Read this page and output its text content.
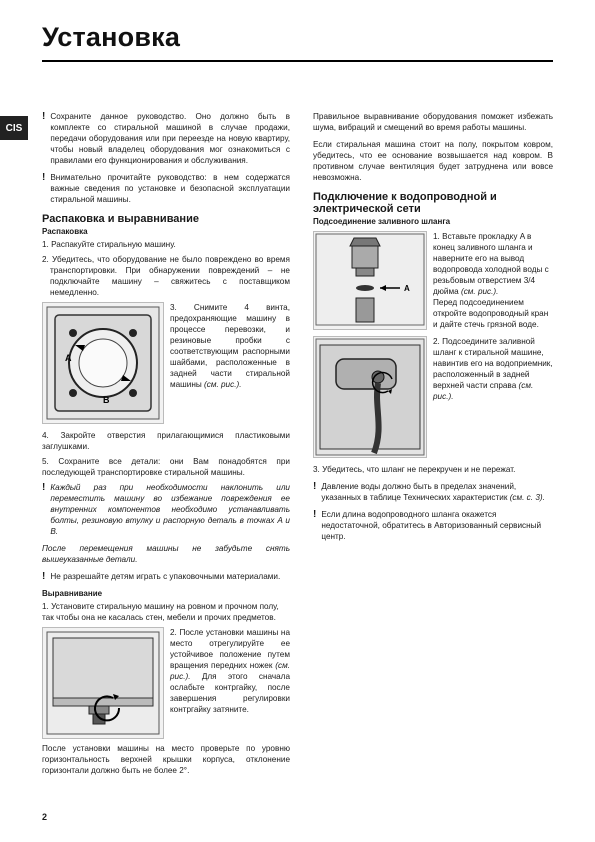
Установка
CIS
! Сохраните данное руководство. Оно должно быть в комплекте со стиральной машиной в случае продажи, передачи оборудования или при переезде на новую квартиру, чтобы новый владелец оборудования мог ознакомиться с правилами его функционирования и обслуживания.
! Внимательно прочитайте руководство: в нем содержатся важные сведения по установке и безопасной эксплуатации стиральной машины.
Распаковка и выравнивание
Распаковка

1. Распакуйте стиральную машину.

2. Убедитесь, что оборудование не было повреждено во время транспортировки. При обнаружении повреждений – не подключайте машину – свяжитесь с поставщиком немедленно.

A
B
3. Снимите 4 винта, предохраняющие машину в процессе перевозки, и резиновые пробки с соответствующим распорными шайбами, расположенные в задней части стиральной машины (см. рис.).

4. Закройте отверстия прилагающимися пластиковыми заглушками.

5. Сохраните все детали: они Вам понадобятся при последующей транспортировке стиральной машины.

! Каждый раз при необходимости наклонить или переместить машину во избежание повреждения ее внутренних компонентов необходимо устанавливать болты, резиновую втулку и распорную деталь в точках A и B.

После перемещения машины не забудьте снять вышеуказанные детали.

! Не разрешайте детям играть с упаковочными материалами.
Выравнивание

1. Установите стиральную машину на ровном и прочном полу, так чтобы она не касалась стен, мебели и прочих предметов.

2. После установки машины на место отрегулируйте ее устойчивое положение путем вращения передних ножек (см. рис.). Для этого сначала ослабьте контргайку, после завершения регулировки контргайку затяните.

После установки машины на место проверьте по уровню горизонтальность верхней крышки корпуса, отклонение горизонтали должно быть не более 2°.

Правильное выравнивание оборудования поможет избежать шума, вибраций и смещений во время работы машины.

Если стиральная машина стоит на полу, покрытом ковром, убедитесь, что ее основание возвышается над ковром. В противном случае вентиляция будет затруднена или вовсе невозможна.

Подключение к водопроводной и электрической сети
Подсоединение заливного шланга
A
1. Вставьте прокладку A в конец заливного шланга и наверните его на вывод водопровода холодной воды с резьбовым отверстием 3/4 дюйма (см. рис.).
Перед подсоединением откройте водопроводный кран и дайте стечь грязной воде.
2. Подсоедините заливной шланг к стиральной машине, навинтив его на водоприемник, расположенный в задней верхней части справа (см. рис.).

3. Убедитесь, что шланг не перекручен и не пережат.

! Давление воды должно быть в пределах значений, указанных в таблице Технических характеристик (см. с. 3).
! Если длина водопроводного шланга окажется недостаточной, обратитесь в Авторизованный сервисный центр.
2
